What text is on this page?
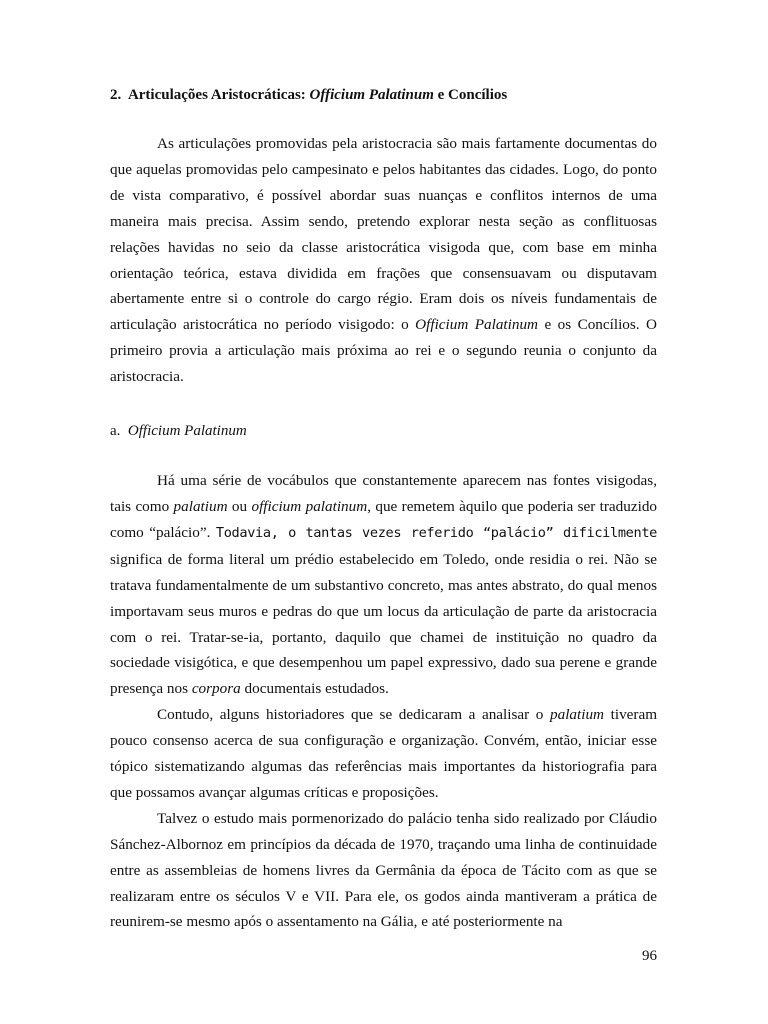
2. Articulações Aristocráticas: Officium Palatinum e Concílios

As articulações promovidas pela aristocracia são mais fartamente documentas do que aquelas promovidas pelo campesinato e pelos habitantes das cidades. Logo, do ponto de vista comparativo, é possível abordar suas nuanças e conflitos internos de uma maneira mais precisa. Assim sendo, pretendo explorar nesta seção as conflituosas relações havidas no seio da classe aristocrática visigoda que, com base em minha orientação teórica, estava dividida em frações que consensuavam ou disputavam abertamente entre si o controle do cargo régio. Eram dois os níveis fundamentais de articulação aristocrática no período visigodo: o Officium Palatinum e os Concílios. O primeiro provia a articulação mais próxima ao rei e o segundo reunia o conjunto da aristocracia.

a. Officium Palatinum

Há uma série de vocábulos que constantemente aparecem nas fontes visigodas, tais como palatium ou officium palatinum, que remetem àquilo que poderia ser traduzido como “palácio”. Todavia, o tantas vezes referido “palácio” dificilmente significa de forma literal um prédio estabelecido em Toledo, onde residia o rei. Não se tratava fundamentalmente de um substantivo concreto, mas antes abstrato, do qual menos importavam seus muros e pedras do que um locus da articulação de parte da aristocracia com o rei. Tratar-se-ia, portanto, daquilo que chamei de instituição no quadro da sociedade visigótica, e que desempenhou um papel expressivo, dado sua perene e grande presença nos corpora documentais estudados.

Contudo, alguns historiadores que se dedicaram a analisar o palatium tiveram pouco consenso acerca de sua configuração e organização. Convém, então, iniciar esse tópico sistematizando algumas das referências mais importantes da historiografia para que possamos avançar algumas críticas e proposições.

Talvez o estudo mais pormenorizado do palácio tenha sido realizado por Cláudio Sánchez-Albornoz em princípios da década de 1970, traçando uma linha de continuidade entre as assembleias de homens livres da Germânia da época de Tácito com as que se realizaram entre os séculos V e VII. Para ele, os godos ainda mantiveram a prática de reunirem-se mesmo após o assentamento na Gália, e até posteriormente na

96
